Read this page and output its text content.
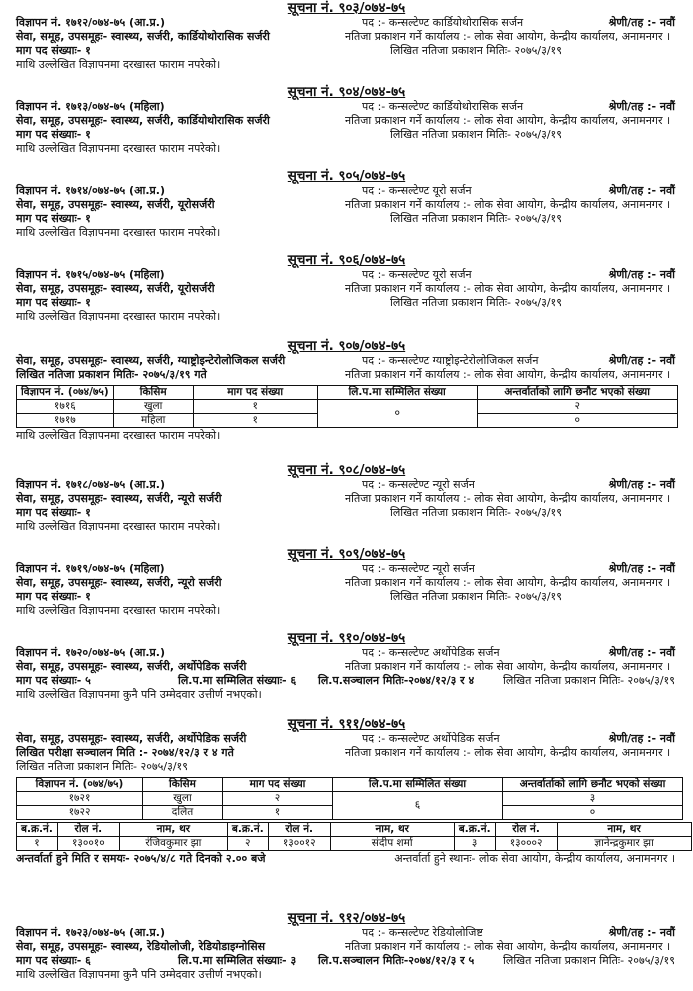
सूचना नं. ९०३/०७४-७५
विज्ञापन नं. १७१२/०७४-७५ (आ.प्र.)	पद :- कन्सल्टेण्ट कार्डियोथोरासिक सर्जन	श्रेणी/तह :- नवौं
सेवा, समूह, उपसमूहः- स्वास्थ्य, सर्जरी, कार्डियोथोरासिक सर्जरी	नतिजा प्रकाशन गर्ने कार्यालय :- लोक सेवा आयोग, केन्द्रीय कार्यालय, अनामनगर ।
माग पद संख्याः- १	लिखित नतिजा प्रकाशन मितिः- २०७५/३/१९
माथि उल्लेखित विज्ञापनमा दरखास्त फाराम नपरेको।
सूचना नं. ९०४/०७४-७५
विज्ञापन नं. १७१३/०७४-७५ (महिला)	पद :- कन्सल्टेण्ट कार्डियोथोरासिक सर्जन	श्रेणी/तह :- नवौं
सेवा, समूह, उपसमूहः- स्वास्थ्य, सर्जरी, कार्डियोथोरासिक सर्जरी	नतिजा प्रकाशन गर्ने कार्यालय :- लोक सेवा आयोग, केन्द्रीय कार्यालय, अनामनगर ।
माग पद संख्याः- १	लिखित नतिजा प्रकाशन मितिः- २०७५/३/१९
माथि उल्लेखित विज्ञापनमा दरखास्त फाराम नपरेको।
सूचना नं. ९०५/०७४-७५
विज्ञापन नं. १७१४/०७४-७५ (आ.प्र.)	पद :- कन्सल्टेण्ट यूरो सर्जन	श्रेणी/तह :- नवौं
सेवा, समूह, उपसमूहः- स्वास्थ्य, सर्जरी, यूरोसर्जरी	नतिजा प्रकाशन गर्ने कार्यालय :- लोक सेवा आयोग, केन्द्रीय कार्यालय, अनामनगर ।
माग पद संख्याः- १	लिखित नतिजा प्रकाशन मितिः- २०७५/३/१९
माथि उल्लेखित विज्ञापनमा दरखास्त फाराम नपरेको।
सूचना नं. ९०६/०७४-७५
विज्ञापन नं. १७१५/०७४-७५ (महिला)	पद :- कन्सल्टेण्ट यूरो सर्जन	श्रेणी/तह :- नवौं
सेवा, समूह, उपसमूहः- स्वास्थ्य, सर्जरी, यूरोसर्जरी	नतिजा प्रकाशन गर्ने कार्यालय :- लोक सेवा आयोग, केन्द्रीय कार्यालय, अनामनगर ।
माग पद संख्याः- १	लिखित नतिजा प्रकाशन मितिः- २०७५/३/१९
माथि उल्लेखित विज्ञापनमा दरखास्त फाराम नपरेको।
सूचना नं. ९०७/०७४-७५
सेवा, समूह, उपसमूहः- स्वास्थ्य, सर्जरी, ग्याष्ट्रोइन्टेरोलोजिकल सर्जरी	पद :- कन्सल्टेण्ट ग्याष्ट्रोइन्टेरोलोजिकल सर्जन	श्रेणी/तह :- नवौं
लिखित नतिजा प्रकाशन मितिः- २०७५/३/१९ गते	नतिजा प्रकाशन गर्ने कार्यालय :- लोक सेवा आयोग, केन्द्रीय कार्यालय, अनामनगर ।
विज्ञापन नं. (०७४/७५)	किसिम	माग पद संख्या	लि.प.मा सम्मिलित संख्या	अन्तर्वार्ताको लागि छनौट भएको संख्या
१७१६	खुला	१	०	२
१७१७	महिला	१		०
माथि उल्लेखित विज्ञापनमा दरखास्त फाराम नपरेको।
सूचना नं. ९०८/०७४-७५
विज्ञापन नं. १७१८/०७४-७५ (आ.प्र.)	पद :- कन्सल्टेण्ट न्यूरो सर्जन	श्रेणी/तह :- नवौं
सेवा, समूह, उपसमूहः- स्वास्थ्य, सर्जरी, न्यूरो सर्जरी	नतिजा प्रकाशन गर्ने कार्यालय :- लोक सेवा आयोग, केन्द्रीय कार्यालय, अनामनगर ।
माग पद संख्याः- १	लिखित नतिजा प्रकाशन मितिः- २०७५/३/१९
माथि उल्लेखित विज्ञापनमा दरखास्त फाराम नपरेको।
सूचना नं. ९०९/०७४-७५
विज्ञापन नं. १७१९/०७४-७५ (महिला)	पद :- कन्सल्टेण्ट न्यूरो सर्जन	श्रेणी/तह :- नवौं
सेवा, समूह, उपसमूहः- स्वास्थ्य, सर्जरी, न्यूरो सर्जरी	नतिजा प्रकाशन गर्ने कार्यालय :- लोक सेवा आयोग, केन्द्रीय कार्यालय, अनामनगर ।
माग पद संख्याः- १	लिखित नतिजा प्रकाशन मितिः- २०७५/३/१९
माथि उल्लेखित विज्ञापनमा दरखास्त फाराम नपरेको।
सूचना नं. ९१०/०७४-७५
विज्ञापन नं. १७२०/०७४-७५ (आ.प्र.)	पद :- कन्सल्टेण्ट अर्थोपेडिक सर्जन	श्रेणी/तह :- नवौं
सेवा, समूह, उपसमूहः- स्वास्थ्य, सर्जरी, अर्थोपेडिक सर्जरी	नतिजा प्रकाशन गर्ने कार्यालय :- लोक सेवा आयोग, केन्द्रीय कार्यालय, अनामनगर ।
माग पद संख्याः- ५	लि.प.मा सम्मिलित संख्याः- ६ लि.प.सञ्चालन मितिः-२०७४/१२/३ र ४	लिखित नतिजा प्रकाशन मितिः- २०७५/३/१९
माथि उल्लेखित विज्ञापनमा कुनै पनि उम्मेदवार उत्तीर्ण नभएको।
सूचना नं. ९११/०७४-७५
सेवा, समूह, उपसमूहः- स्वास्थ्य, सर्जरी, अर्थोपेडिक सर्जरी	पद :- कन्सल्टेण्ट अर्थोपेडिक सर्जन	श्रेणी/तह :- नवौं
लिखित परीक्षा सञ्चालन मिति :- २०७४/१२/३ र ४ गते	नतिजा प्रकाशन गर्ने कार्यालय :- लोक सेवा आयोग, केन्द्रीय कार्यालय, अनामनगर ।
लिखित नतिजा प्रकाशन मितिः- २०७५/३/१९
विज्ञापन नं. (०७४/७५)	किसिम	माग पद संख्या	लि.प.मा सम्मिलित संख्या	अन्तर्वार्ताको लागि छनौट भएको संख्या
१७२१	खुला	२	६	३
१७२२	दलित	१		०
ब.क्र.नं.	रोल नं.	नाम, थर	ब.क्र.नं.	रोल नं.	नाम, थर	ब.क्र.नं.	रोल नं.	नाम, थर
१	१३००१०	रंजिवकुमार झा	२	१३००१२	संदीप शर्मा	३	१३०००२	ज्ञानेन्द्रकुमार झा
अन्तर्वार्ता हुने मिति र समयः- २०७५/४/८ गते दिनको २.०० बजे	अन्तर्वार्ता हुने स्थानः- लोक सेवा आयोग, केन्द्रीय कार्यालय, अनामनगर ।
सूचना नं. ९१२/०७४-७५
विज्ञापन नं. १७२३/०७४-७५ (आ.प्र.)	पद :- कन्सल्टेण्ट रेडियोलोजिष्ट	श्रेणी/तह :- नवौं
सेवा, समूह, उपसमूहः- स्वास्थ्य, रेडियोलोजी, रेडियोडाइग्नोसिस	नतिजा प्रकाशन गर्ने कार्यालय :- लोक सेवा आयोग, केन्द्रीय कार्यालय, अनामनगर ।
माग पद संख्याः- ६	लि.प.मा सम्मिलित संख्याः- ३ लि.प.सञ्चालन मितिः-२०७४/१२/३ र ५	लिखित नतिजा प्रकाशन मितिः- २०७५/३/१९
माथि उल्लेखित विज्ञापनमा कुनै पनि उम्मेदवार उत्तीर्ण नभएको।
